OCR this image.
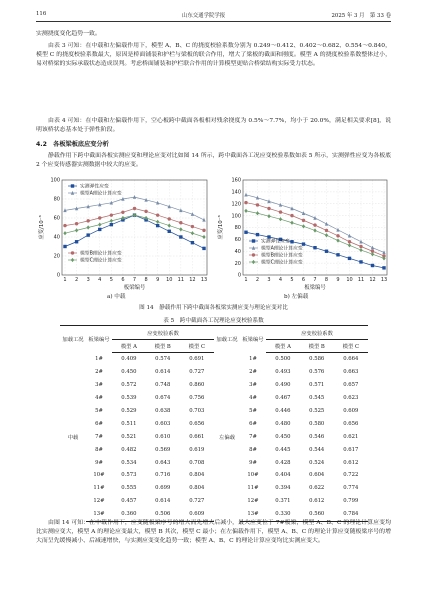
116	山东交通学院学报	2025 年 3 月　第 33 卷

实测挠度变化趋势一致。

由表 3 可知：在中载和左偏载作用下，模型 A、B、C 的挠度校验系数分别为 0.249～0.412、0.402～0.682、0.554～0.840，模型 C 的挠度校验系数最大，原因是桥面铺装和护栏与梁板的联合作用，增大了梁板的截面和刚度。模型 A 的挠度校验系数整体过小，易对桥梁的实际承载状态造成误判。考虑桥面铺装和护栏联合作用的计算模型更贴合桥梁结构实际受力状态。

由表 4 可知：在中载和左偏载作用下，空心板跨中截面各板相对残余挠度为 0.5%～7.7%，均小于 20.0%，满足相关要求[8]，说明该桥状态基本处于弹性阶段。

4.2　各板梁板底应变分析

静载作用下跨中截面各板实测应变和理论应变对比如图 14 所示，跨中截面各工况应变校验系数如表 5 所示，实测弹性应变为各板底 2 个应变传感器实测数据中较大的应变。

0
20
40
60
80
100
1 2 3 4 5 6 7 8 9 10 11 12 13
板梁编号
应变/10⁻⁶
实测弹性应变
模型A理论计算应变
模型B理论计算应变
模型C理论计算应变
0
20
40
60
80
100
120
140
160
1 2 3 4 5 6 7 8 9 10 11 12 13
板梁编号
应变/10⁻⁶
实测弹性应变
模型A理论计算应变
模型B理论计算应变
模型C理论计算应变
a) 中载	b) 左偏载
图 14　静载作用下跨中截面各板梁实测应变与理论应变对比
表 5　跨中截面各工况理论应变校验系数
加载工况	板梁编号	应变校验系数			加载工况	板梁编号	应变校验系数		
		模型 A	模型 B	模型 C			模型 A	模型 B	模型 C
中载	1#	0.409	0.574	0.691	左偏载	1#	0.500	0.586	0.664
	2#	0.450	0.614	0.727		2#	0.493	0.576	0.663
	3#	0.572	0.748	0.860		3#	0.490	0.571	0.657
	4#	0.539	0.674	0.756		4#	0.467	0.545	0.623
	5#	0.529	0.638	0.703		5#	0.446	0.525	0.609
	6#	0.511	0.603	0.656		6#	0.480	0.580	0.656
	7#	0.521	0.610	0.661		7#	0.450	0.546	0.621
	8#	0.482	0.569	0.619		8#	0.445	0.544	0.617
	9#	0.534	0.643	0.708		9#	0.428	0.524	0.612
	10#	0.573	0.716	0.804		10#	0.404	0.604	0.722
	11#	0.555	0.699	0.804		11#	0.394	0.622	0.774
	12#	0.457	0.614	0.727		12#	0.371	0.612	0.799
	13#	0.360	0.506	0.609		13#	0.330	0.560	0.784

由图 14 可知：在中载作用下，应变随板梁序号的增大而先增大后减小，最大应变位于 7#板梁，模型 A、B、C 的理论计算应变均比实测应变大，模型 A 的理论应变最大，模型 B 其次，模型 C 最小；在左偏载作用下，模型 A、B、C 的理论计算应变随板梁序号的增大而呈先缓慢减小、后减速增快，与实测应变变化趋势一致；模型 A、B、C 的理论计算应变均比实测应变大。
